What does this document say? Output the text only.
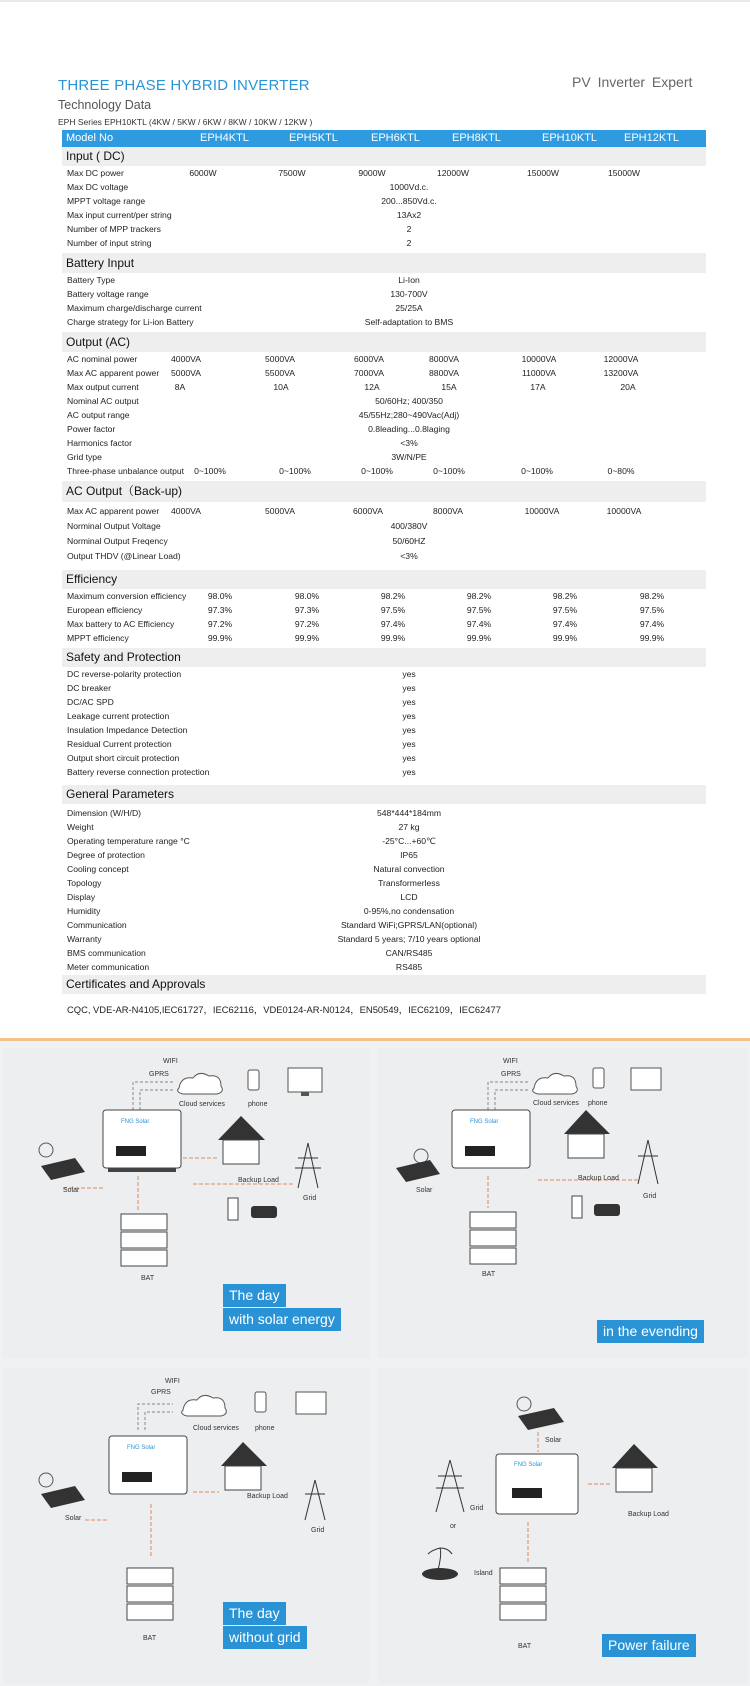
THREE PHASE HYBRID INVERTER
Technology Data
EPH Series EPH10KTL (4KW / 5KW / 6KW / 8KW / 10KW / 12KW )
PV Inverter Expert
Model No	EPH4KTL	EPH5KTL	EPH6KTL	EPH8KTL	EPH10KTL EPH12KTL
Input ( DC)
Max DC power	6000W	7500W	9000W	12000W	15000W	15000W
Max DC voltage	1000Vd.c.
MPPT voltage range	200...850Vd.c.
Max input current/per string	13Ax2
Number of MPP trackers	2
Number of input string	2
Battery Input
Battery Type	Li-Ion
Battery voltage range	130-700V
Maximum charge/discharge current	25/25A
Charge strategy for Li-ion Battery	Self-adaptation to BMS
Output (AC)
AC nominal power	4000VA	5000VA	6000VA	8000VA	10000VA	12000VA
Max AC apparent power	5000VA	5500VA	7000VA	8800VA	11000VA	13200VA
Max output current	8A	10A	12A	15A	17A	20A
Nominal AC output	50/60Hz; 400/350
AC output range	45/55Hz;280~490Vac(Adj)
Power factor	0.8leading...0.8laging
Harmonics factor	<3%
Grid type	3W/N/PE
Three-phase unbalance output	0~100%	0~100%	0~100%	0~100%	0~100%	0~80%
AC Output（Back-up)
Max AC apparent power	4000VA	5000VA	6000VA	8000VA	10000VA	10000VA
Norminal Output Voltage	400/380V
Norminal Output Freqency	50/60HZ
Output THDV (@Linear Load)	<3%
Efficiency
Maximum conversion efficiency	98.0%	98.0%	98.2%	98.2%	98.2%	98.2%
European efficiency	97.3%	97.3%	97.5%	97.5%	97.5%	97.5%
Max battery to AC Efficiency	97.2%	97.2%	97.4%	97.4%	97.4%	97.4%
MPPT efficiency	99.9%	99.9%	99.9%	99.9%	99.9%	99.9%
Safety and Protection
DC reverse-polarity protection	yes
DC breaker	yes
DC/AC SPD	yes
Leakage current protection	yes
Insulation Impedance Detection	yes
Residual Current protection	yes
Output short circuit protection	yes
Battery reverse connection protection	yes
General Parameters
Dimension (W/H/D)	548*444*184mm
Weight	27 kg
Operating temperature range °C	-25°C...+60℃
Degree of protection	IP65
Cooling concept	Natural convection
Topology	Transformerless
Display	LCD
Humidity	0-95%,no condensation
Communication	Standard WiFi;GPRS/LAN(optional)
Warranty	Standard 5 years; 7/10 years optional
BMS communication	CAN/RS485
Meter communication	RS485
Certificates and Approvals
CQC, VDE-AR-N4105,IEC61727，IEC62116，VDE0124-AR-N0124，EN50549，IEC62109，IEC62477
WIFI
GPRS
Cloud services	phone
FNG Solar
Solar
Backup Load
Grid
BAT
The day
with solar energy
WIFI
GPRS
Cloud services phone
FNG Solar
Solar
Backup Load
Grid
BAT
in the evending
WIFI
GPRS
Cloud services phone
FNG Solar
Solar
Backup Load
Grid
BAT
The day
without grid
Solar
FNG Solar
Grid
or
Island
Backup Load
BAT	Power failure
